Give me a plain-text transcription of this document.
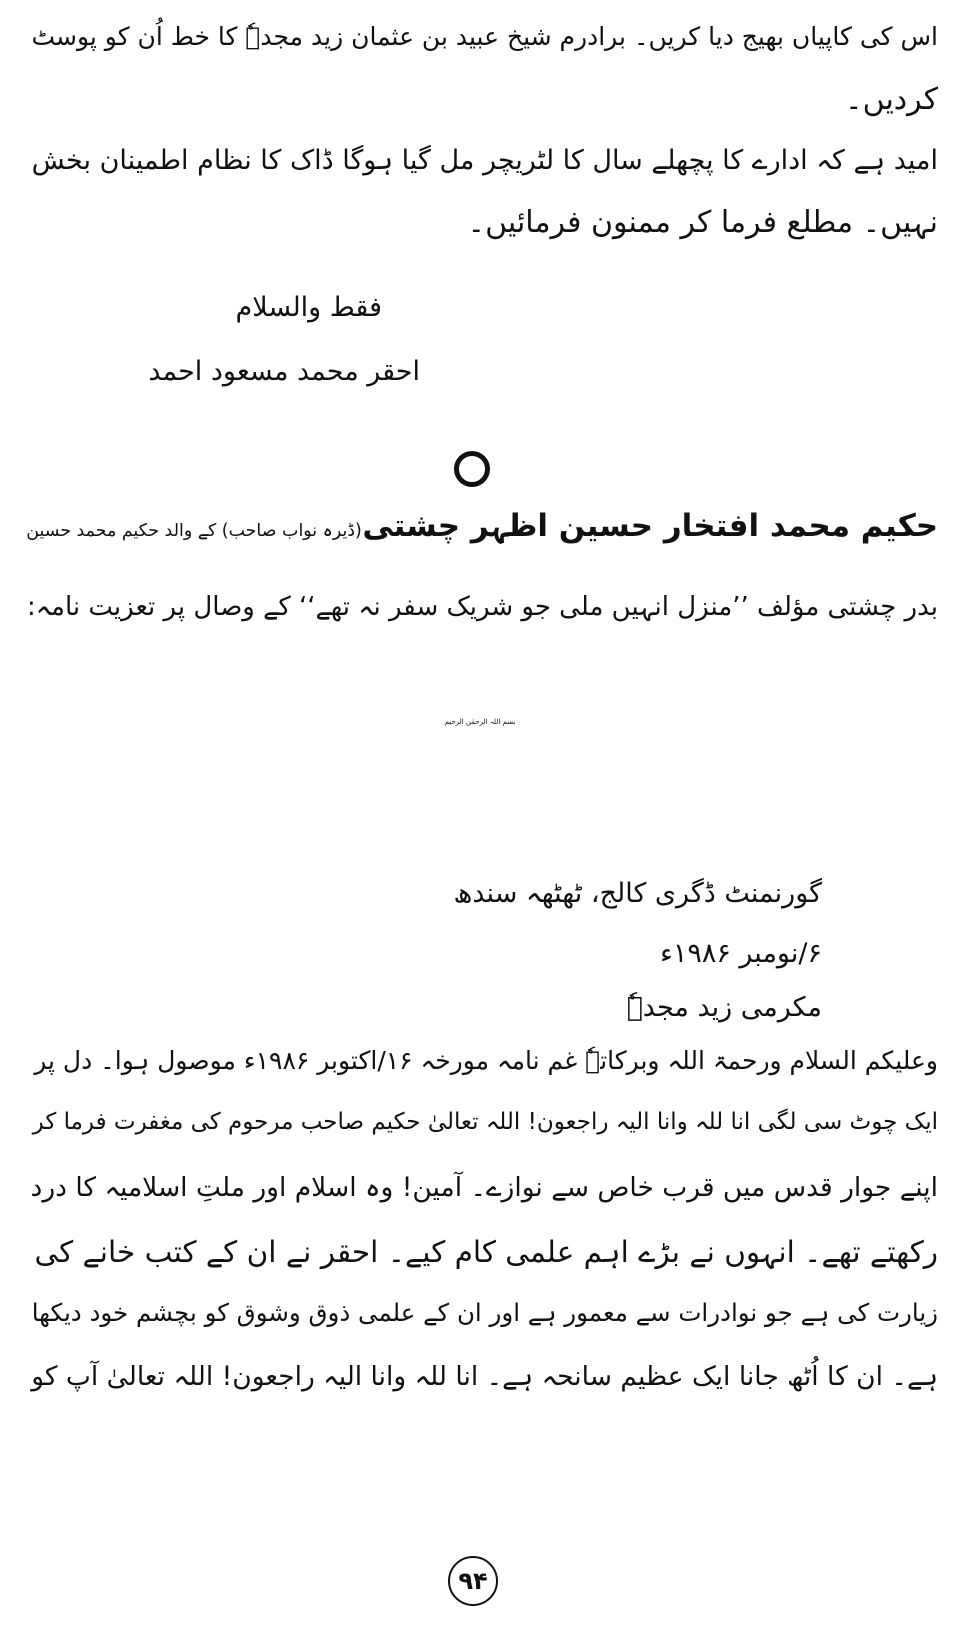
اس کی کاپیاں بھیج دیا کریں۔ برادرم شیخ عبید بن عثمان زید مجدہٗ کا خط اُن کو پوسٹ
کردیں۔
امید ہے کہ ادارے کا پچھلے سال کا لٹریچر مل گیا ہوگا ڈاک کا نظام اطمینان بخش
نہیں۔ مطلع فرما کر ممنون فرمائیں۔
فقط والسلام
احقر محمد مسعود احمد
حکیم محمد افتخار حسین اظہر چشتی (ڈیرہ نواب صاحب) کے والد حکیم محمد حسین
بدر چشتی مؤلف ’’منزل انہیں ملی جو شریک سفر نہ تھے‘‘ کے وصال پر تعزیت نامہ:
بسم اللہ الرحمٰن الرحیم
گورنمنٹ ڈگری کالج، ٹھٹھہ سندھ
۶/نومبر ۱۹۸۶ء
مکرمی زید مجدہٗ
وعلیکم السلام ورحمۃ اللہ وبرکاتہٗ غم نامہ مورخہ ۱۶/اکتوبر ۱۹۸۶ء موصول ہوا۔ دل پر
ایک چوٹ سی لگی انا للہ وانا الیہ راجعون! اللہ تعالیٰ حکیم صاحب مرحوم کی مغفرت فرما کر
اپنے جوار قدس میں قرب خاص سے نوازے۔ آمین! وہ اسلام اور ملتِ اسلامیہ کا درد
رکھتے تھے۔ انہوں نے بڑے اہم علمی کام کیے۔ احقر نے ان کے کتب خانے کی
زیارت کی ہے جو نوادرات سے معمور ہے اور ان کے علمی ذوق وشوق کو بچشم خود دیکھا
ہے۔ ان کا اُٹھ جانا ایک عظیم سانحہ ہے۔ انا للہ وانا الیہ راجعون! اللہ تعالیٰ آپ کو
۹۴
